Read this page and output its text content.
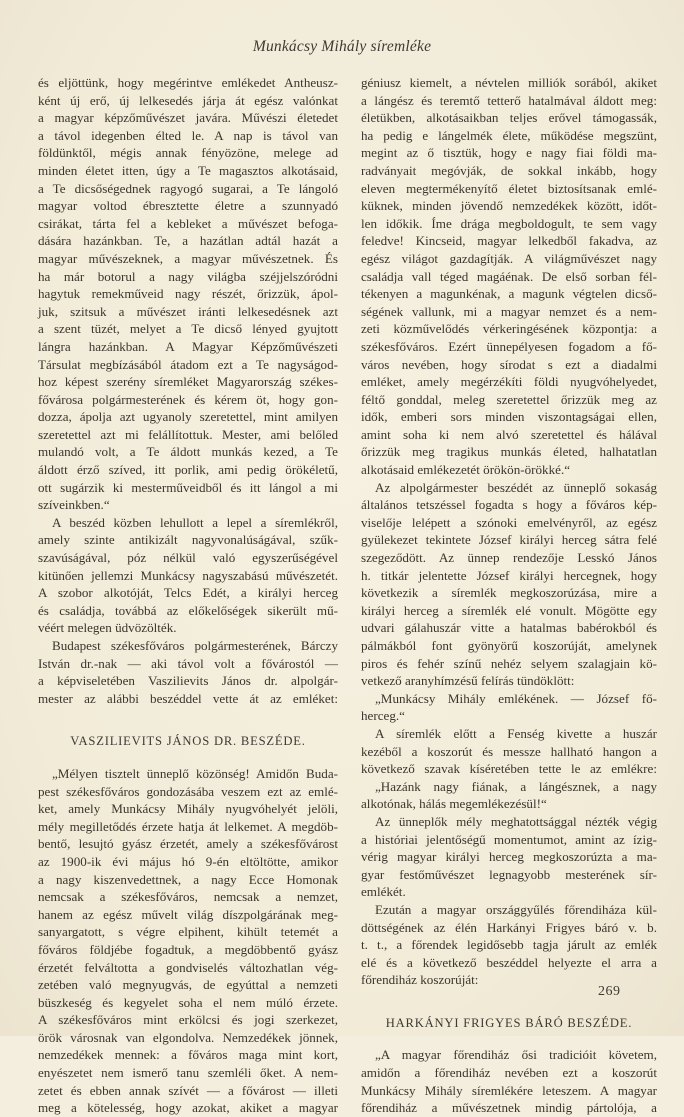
Munkácsy Mihály síremléke
és eljöttünk, hogy megérintve emlékedet Antheusz-
ként új erő, új lelkesedés járja át egész valónkat
a magyar képzőművészet javára. Művészi életedet
a távol idegenben élted le. A nap is távol van
földünktől, mégis annak fényözöne, melege ad
minden életet itten, úgy a Te magasztos alkotásaid,
a Te dicsőségednek ragyogó sugarai, a Te lángoló
magyar voltod ébresztette életre a szunnyadó
csirákat, tárta fel a kebleket a művészet befoga-
dására hazánkban. Te, a hazátlan adtál hazát a
magyar művészeknek, a magyar művészetnek. És
ha már botorul a nagy világba széjjelszóródni
hagytuk remekműveid nagy részét, őrizzük, ápol-
juk, szitsuk a művészet iránti lelkesedésnek azt
a szent tüzét, melyet a Te dicső lényed gyujtott
lángra hazánkban. A Magyar Képzőművészeti
Társulat megbízásából átadom ezt a Te nagyságod-
hoz képest szerény síremléket Magyarország székes-
fővárosa polgármesterének és kérem öt, hogy gon-
dozza, ápolja azt ugyanoly szeretettel, mint amilyen
szeretettel azt mi felállítottuk. Mester, ami belőled
mulandó volt, a Te áldott munkás kezed, a Te
áldott érző szíved, itt porlik, ami pedig örökéletű,
ott sugárzik ki mesterműveidből és itt lángol a mi
szíveinkben.“
A beszéd közben lehullott a lepel a síremlékről,
amely szinte antikizált nagyvonalúságával, szűk-
szavúságával, póz nélkül való egyszerűségével
kitünően jellemzi Munkácsy nagyszabású művészetét.
A szobor alkotóját, Telcs Edét, a királyi herceg
és családja, továbbá az előkelőségek sikerült mű-
véért melegen üdvözölték.
Budapest székesfőváros polgármesterének, Bárczy
István dr.-nak — aki távol volt a fővárostól —
a képviseletében Vaszilievits János dr. alpolgár-
mester az alábbi beszéddel vette át az emléket:
VASZILIEVITS JÁNOS DR. BESZÉDE.
„Mélyen tisztelt ünneplő közönség! Amidőn Buda-
pest székesfőváros gondozásába veszem ezt az emlé-
ket, amely Munkácsy Mihály nyugvóhelyét jelöli,
mély megilletődés érzete hatja át lelkemet. A megdöb-
bentő, lesujtó gyász érzetét, amely a székesfővárost
az 1900-ik évi május hó 9-én eltöltötte, amikor
a nagy kiszenvedettnek, a nagy Ecce Homonak
nemcsak a székesfőváros, nemcsak a nemzet,
hanem az egész művelt világ díszpolgárának meg-
sanyargatott, s végre elpihent, kihült tetemét a
főváros földjébe fogadtuk, a megdöbbentő gyász
érzetét felváltotta a gondviselés változhatlan vég-
zetében való megnyugvás, de egyúttal a nemzeti
büszkeség és kegyelet soha el nem múló érzete.
A székesfőváros mint erkölcsi és jogi szerkezet,
örök városnak van elgondolva. Nemzedékek jönnek,
nemzedékek mennek: a főváros maga mint kort,
enyészetet nem ismerő tanu szemléli őket. A nem-
zetet és ebben annak szívét — a fővárost — illeti
meg a kötelesség, hogy azokat, akiket a magyar
géniusz kiemelt, a névtelen milliók sorából, akiket
a lángész és teremtő tetterő hatalmával áldott meg:
életükben, alkotásaikban teljes erővel támogassák,
ha pedig e lángelmék élete, működése megszünt,
megint az ő tisztük, hogy e nagy fiai földi ma-
radványait megóvják, de sokkal inkább, hogy
eleven megtermékenyítő életet biztosítsanak emlé-
küknek, minden jövendő nemzedékek között, időt-
len időkik. Íme drága megboldogult, te sem vagy
feledve! Kincseid, magyar lelkedből fakadva, az
egész világot gazdagítják. A világművészet nagy
családja vall téged magáénak. De első sorban fél-
tékenyen a magunkénak, a magunk végtelen dicső-
ségének vallunk, mi a magyar nemzet és a nem-
zeti közművelődés vérkeringésének központja: a
székesfőváros. Ezért ünnepélyesen fogadom a fő-
város nevében, hogy sírodat s ezt a diadalmi
emléket, amely megérzékíti földi nyugvóhelyedet,
féltő gonddal, meleg szeretettel őrizzük meg az
idők, emberi sors minden viszontagságai ellen,
amint soha ki nem alvó szeretettel és hálával
őrizzük meg tragikus munkás életed, halhatatlan
alkotásaid emlékezetét örökön-örökké.“
Az alpolgármester beszédét az ünneplő sokaság
általános tetszéssel fogadta s hogy a főváros kép-
viselője lelépett a szónoki emelvényről, az egész
gyülekezet tekintete József királyi herceg sátra felé
szegeződött. Az ünnep rendezője Lesskó János
h. titkár jelentette József királyi hercegnek, hogy
következik a síremlék megkoszorúzása, mire a
királyi herceg a síremlék elé vonult. Mögötte egy
udvari gálahuszár vitte a hatalmas babérokból és
pálmákból font gyönyörű koszorúját, amelynek
piros és fehér színű nehéz selyem szalagjain kö-
vetkező aranyhímzésű felírás tündöklött:
„Munkácsy Mihály emlékének. — József fő-
herceg.“
A síremlék előtt a Fenség kivette a huszár
kezéből a koszorút és messze hallható hangon a
következő szavak kíséretében tette le az emlékre:
„Hazánk nagy fiának, a lángésznek, a nagy
alkotónak, hálás megemlékezésül!“
Az ünneplők mély meghatottsággal nézték végig
a históriai jelentőségű momentumot, amint az ízig-
vérig magyar királyi herceg megkoszorúzta a ma-
gyar festőművészet legnagyobb mesterének sír-
emlékét.
Ezután a magyar országgyűlés főrendiháza kül-
döttségének az élén Harkányi Frigyes báró v. b.
t. t., a főrendek legidősebb tagja járult az emlék
elé és a következő beszéddel helyezte el arra a
főrendiház koszorúját:
HARKÁNYI FRIGYES BÁRÓ BESZÉDE.
„A magyar főrendiház ősi tradicióit követem,
amidőn a főrendiház nevében ezt a koszorút
Munkácsy Mihály síremlékére leteszem. A magyar
főrendiház a művészetnek mindig pártolója, a
269
